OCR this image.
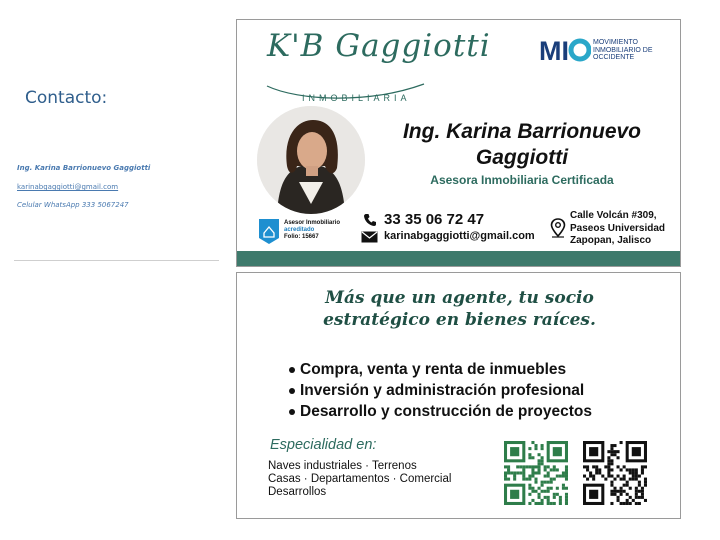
Contacto:
Ing. Karina Barrionuevo Gaggiotti
karinabgaggiotti@gmail.com
Celular WhatsApp 333 5067247
K'B Gaggiotti
INMOBILIARIA
MI	MOVIMIENTO
INMOBILIARIO DE
OCCIDENTE
Asesor Inmobiliario
acreditado
Folio: 15667
Ing. Karina Barrionuevo
Gaggiotti
Asesora Inmobiliaria Certificada
33 35 06 72 47
karinabgaggiotti@gmail.com
Calle Volcán #309,
Paseos Universidad
Zapopan, Jalisco
Más que un agente, tu socio
estratégico en bienes raíces.
Compra, venta y renta de inmuebles
Inversión y administración profesional
Desarrollo y construcción de proyectos
Especialidad en:
Naves industriales · Terrenos
Casas · Departamentos · Comercial
Desarrollos
